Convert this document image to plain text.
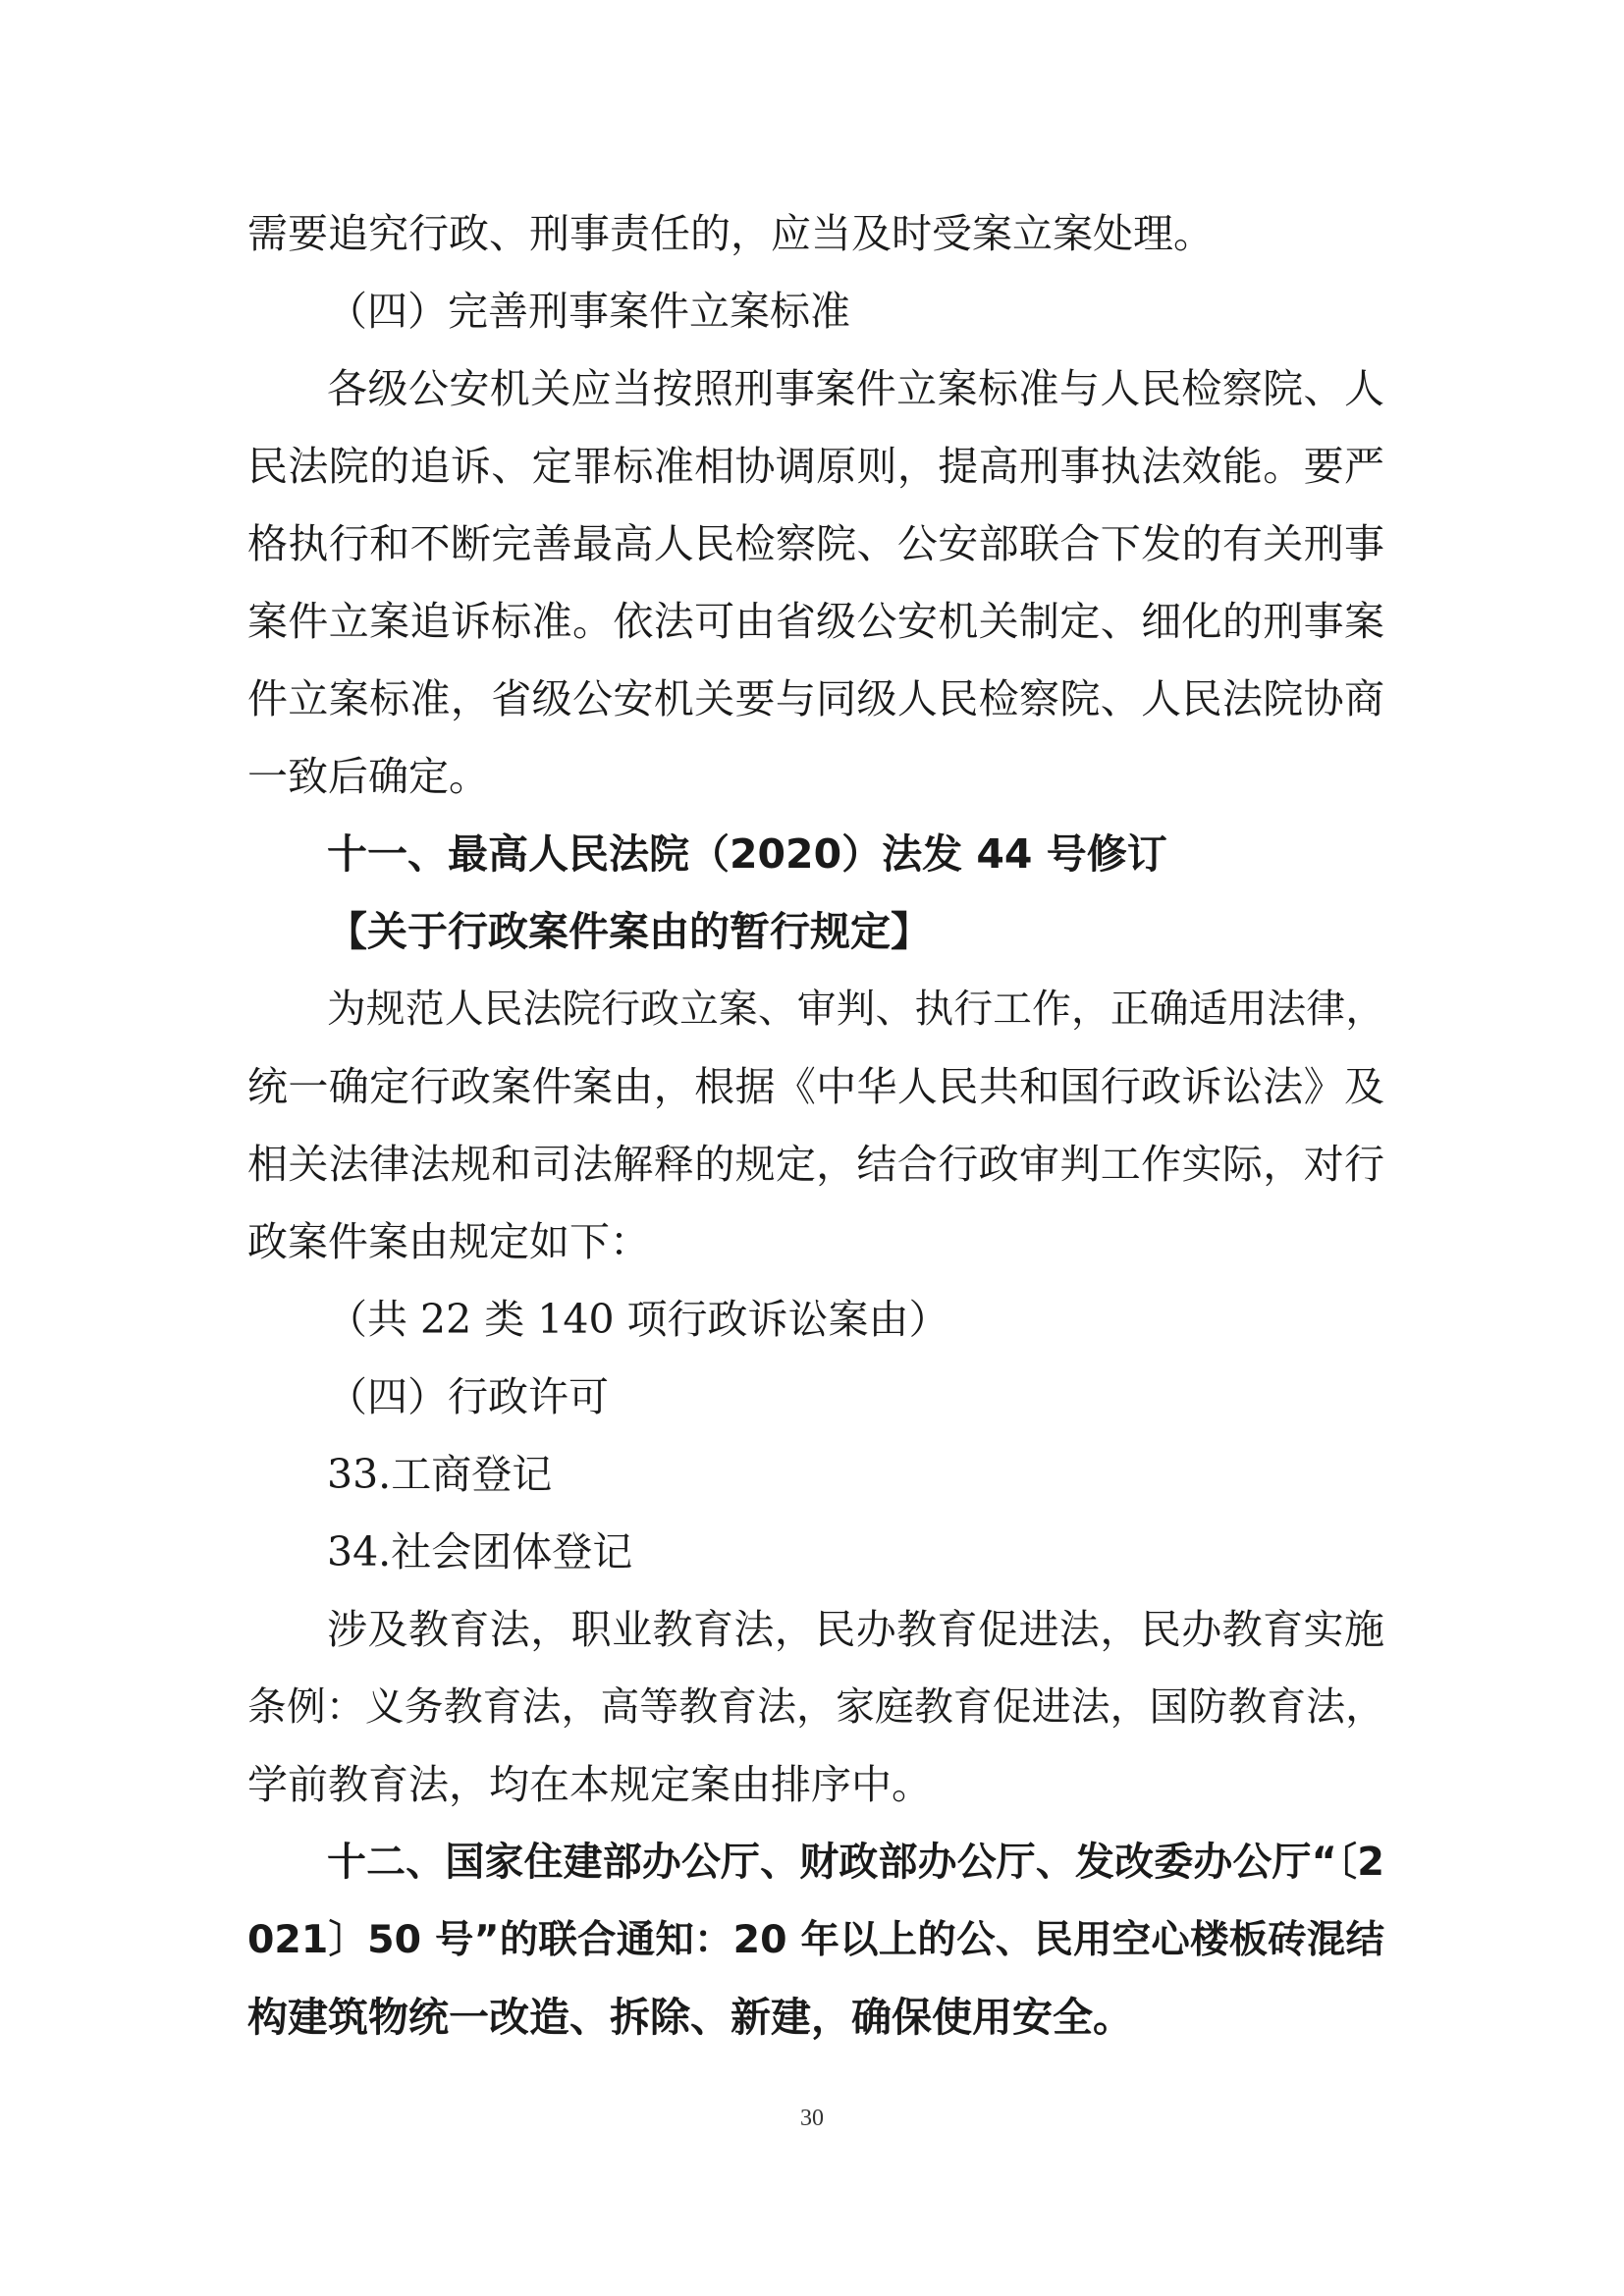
需要追究行政、刑事责任的，应当及时受案立案处理。
（四）完善刑事案件立案标准
各级公安机关应当按照刑事案件立案标准与人民检察院、人
民法院的追诉、定罪标准相协调原则，提高刑事执法效能。要严
格执行和不断完善最高人民检察院、公安部联合下发的有关刑事
案件立案追诉标准。依法可由省级公安机关制定、细化的刑事案
件立案标准，省级公安机关要与同级人民检察院、人民法院协商
一致后确定。
十一、最高人民法院（2020）法发 44 号修订
【关于行政案件案由的暂行规定】
为规范人民法院行政立案、审判、执行工作，正确适用法律，
统一确定行政案件案由，根据《中华人民共和国行政诉讼法》及
相关法律法规和司法解释的规定，结合行政审判工作实际，对行
政案件案由规定如下：
（共 22 类 140 项行政诉讼案由）
（四）行政许可
33.工商登记
34.社会团体登记
涉及教育法，职业教育法，民办教育促进法，民办教育实施
条例：义务教育法，高等教育法，家庭教育促进法，国防教育法，
学前教育法，均在本规定案由排序中。
十二、国家住建部办公厅、财政部办公厅、发改委办公厅“〔2
021〕50 号”的联合通知：20 年以上的公、民用空心楼板砖混结
构建筑物统一改造、拆除、新建，确保使用安全。
30
